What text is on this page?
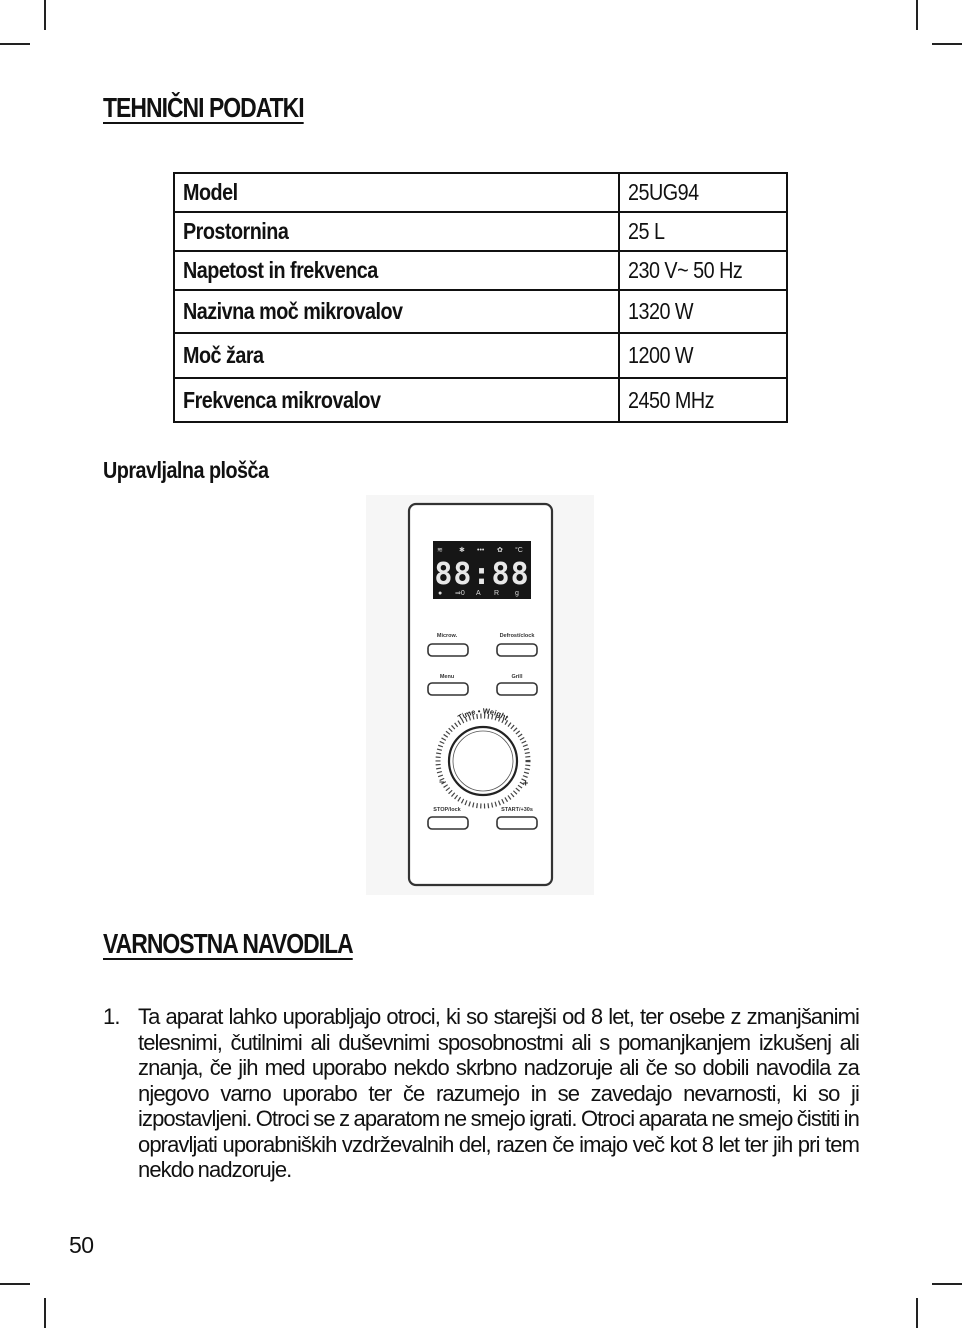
TEHNIČNI PODATKI
Model	25UG94
Prostornina	25 L
Napetost in frekvenca	230 V~ 50 Hz
Nazivna moč mikrovalov	1320 W
Moč žara	1200 W
Frekvenca mikrovalov	2450 MHz
Upravljalna plošča
≋ ✱ ••• ✿ °C
88:88
● ⇒0 A R g
Microw.	Defrost/clock
Menu	Grill
STOP/lock	START/+30s
Time • Weight
−	+
VARNOSTNA NAVODILA
1. Ta aparat lahko uporabljajo otroci, ki so starejši od 8 let, ter osebe z zmanjšanimi telesnimi, čutilnimi ali duševnimi sposobnostmi ali s pomanjkanjem izkušenj ali znanja, če jih med uporabo nekdo skrbno nadzoruje ali če so dobili navodila za njegovo varno uporabo ter če razumejo in se zavedajo nevarnosti, ki so ji izpostavljeni. Otroci se z aparatom ne smejo igrati. Otroci aparata ne smejo čistiti in opravljati uporabniških vzdrževalnih del, razen če imajo več kot 8 let ter jih pri tem nekdo nadzoruje.
50
